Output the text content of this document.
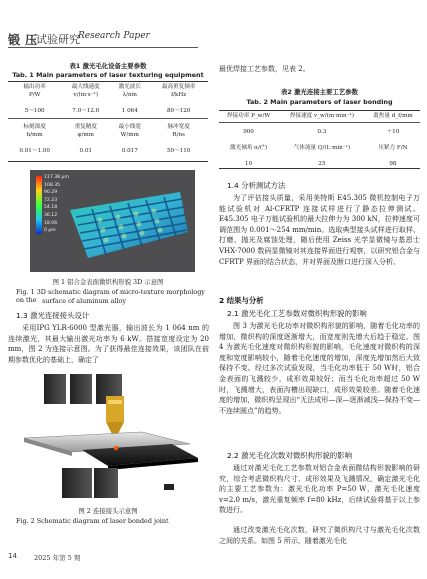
锻 压
试验研究
Research Paper
表1 激光毛化设备主要参数
Tab. 1 Main parameters of laser texturing equipment
输出功率	最大线速度	激光波长	最高重复频率
P/W	v/(m·s⁻¹)	λ/nm	f/kHz

5～100	7.0～12.0	1 064	80～120

标刻深度	重复精度	最小线宽	脉冲宽度
h/mm	φ/mm	W/mm	R/ns

0.01～1.00	0.01	0.017	50～110
117.38 µm
108.35
90.29
72.23
54.18
36.12
18.06
0 µm
图 1 铝合金表面微织构形貌 3D 示意图
Fig. 1 3D schematic diagram of micro-texture morphology on the surface of aluminum alloy
1.3 激光连接接头设计
采用IPG YLR-6000 型激光器，输出波长为 1 064 nm 的连续激光，其最大输出激光功率为 6 kW。搭接宽度设定为 20 mm，图 2 为连接示意图。为了获得最佳连接效果，该团队在前期参数优化的基础上，确定了
图 2 连接接头示意图
Fig. 2 Schematic diagram of laser bonded joint
14	2025 年第 5 期
最优焊接工艺参数，见表 2。
表2 激光连接主要工艺参数
Tab. 2 Main parameters of laser bonding
焊接功率 P_w/W	焊接速度 v_w/(m·min⁻¹)	离焦量 d_f/mm

900	0.3	＋10

激光倾角 α/(°)	气体流量 Q/(L·min⁻¹)	压紧力 F/N

10	25	98
1.4 分析测试方法
为了评估接头质量，采用美特斯 E45.305 微机控制电子万能试验机对 Al-CFRTP 连接试样进行了静态拉伸测试。E45.305 电子万能试验机的最大拉伸力为 300 kN，拉伸速度可调范围为 0.001～254 mm/min。选取典型接头试样进行取样、打磨、抛光及腐蚀处理，随后使用 Zeiss 光学显微镜与基恩士 VHX-7000 数码显微镜对其连接界面进行观察，以研究铝合金与 CFRTP 界面的结合状态，并对界面及断口进行深入分析。
2 结果与分析
2.1 激光毛化工艺参数对微织构形貌的影响
图 3 为激光毛化功率对微织构形貌的影响，随着毛化功率的增加，微织构的深度逐渐增大，而宽度则先增大后趋于稳定。图 4 为激光毛化速度对微织构形貌的影响，毛化速度对微织构的深度和宽度影响较小，随着毛化速度的增加，深度先增加然后大致保持不变。经过多次试验发现，当毛化功率低于 50 W时，铝合金表面的飞溅较少，成形效果较好；而当毛化功率超过 50 W 时，飞溅增大，表面沟槽出现缺口，成形效果较差。随着毛化速度的增加，微织构呈现出“无法成形—深—逐渐减浅—保持不变—不连续圆点”的趋势。
2.2 激光毛化次数对微织构形貌的影响
通过对激光毛化工艺参数对铝合金表面微结构形貌影响的研究，综合考虑微织构尺寸、成形效果及飞溅情况，确定激光毛化的主要工艺参数为：激光毛化功率 P=50 W，激光毛化速度 v=2.0 m/s，激光重复频率 f=80 kHz，后续试验将基于以上参数进行。
通过改变激光毛化次数，研究了微织构尺寸与激光毛化次数之间的关系。如图 5 所示，随着激光毛化
